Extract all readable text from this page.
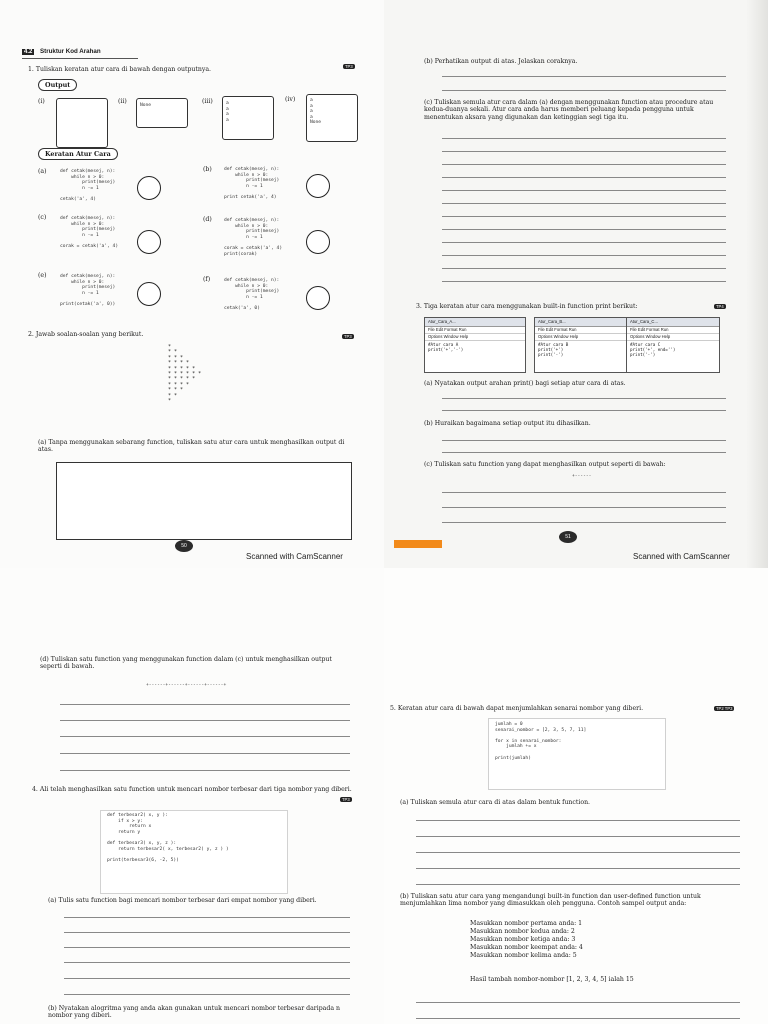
4.2	Struktur Kod Arahan
1. Tuliskan keratan atur cara di bawah dengan outputnya.	TP3
Output
(i)	(ii)
None
(iii)	a
a
a
a
(iv)	a
a
a
a
None
Keratan Atur Cara
(a)	def cetak(mesej, n):
while n > 0:
print(mesej)
n -= 1

cetak('a', 4)
(b)	def cetak(mesej, n):
while n > 0:
print(mesej)
n -= 1

print cetak('a', 4)
(c)	def cetak(mesej, n):
while n > 0:
print(mesej)
n -= 1

corak = cetak('a', 4)
(d)	def cetak(mesej, n):
while n > 0:
print(mesej)
n -= 1

corak = cetak('a', 4)
print(corak)
(e)	def cetak(mesej, n):
while n > 0:
print(mesej)
n -= 1

print(cetak('a', 0))
(f)	def cetak(mesej, n):
while n > 0:
print(mesej)
n -= 1

cetak('a', 0)
2. Jawab soalan-soalan yang berikut.	TP3
*
* *
* * *
* * * *
* * * * *
* * * * * *
* * * * *
* * * *
* * *
* *
*
(a) Tanpa menggunakan sebarang function, tuliskan satu atur cara untuk menghasilkan output di atas.
50
Scanned with CamScanner
(b) Perhatikan output di atas. Jelaskan coraknya.
(c) Tuliskan semula atur cara dalam (a) dengan menggunakan function atau procedure atau kedua-duanya sekali. Atur cara anda harus memberi peluang kepada pengguna untuk menentukan aksara yang digunakan dan ketinggian segi tiga itu.
3. Tiga keratan atur cara menggunakan built-in function print berikut:	TP4
Atur_Cara_A...
File Edit Format Run
Options Window Help
#Atur cara A
print('+','-')
Atur_Cara_B...
File Edit Format Run
Options Window Help
#Atur cara B
print('+')
print('-')
Atur_Cara_C...
File Edit Format Run
Options Window Help
#Atur cara C
print('+', end='')
print('-')
(a) Nyatakan output arahan print() bagi setiap atur cara di atas.
(b) Huraikan bagaimana setiap output itu dihasilkan.
(c) Tuliskan satu function yang dapat menghasilkan output seperti di bawah:
+------
51
Scanned with CamScanner
(d) Tuliskan satu function yang menggunakan function dalam (c) untuk menghasilkan output seperti di bawah.
+------+------+------+------+
4. Ali telah menghasilkan satu function untuk mencari nombor terbesar dari tiga nombor yang diberi.
TP3
def terbesar2( x, y ):
if x > y:
return x
return y

def terbesar3( x, y, z ):
return terbesar2( x, terbesar2( y, z ) )

print(terbesar3(6, -2, 5))
(a) Tulis satu function bagi mencari nombor terbesar dari empat nombor yang diberi.
(b) Nyatakan alogritma yang anda akan gunakan untuk mencari nombor terbesar daripada n nombor yang diberi.
5. Keratan atur cara di bawah dapat menjumlahkan senarai nombor yang diberi.	TP2 TP3
jumlah = 0
senarai_nombor = [2, 3, 5, 7, 11]

for x in senarai_nombor:
jumlah += x

print(jumlah)
(a) Tuliskan semula atur cara di atas dalam bentuk function.
(b) Tuliskan satu atur cara yang mengandungi built-in function dan user-defined function untuk menjumlahkan lima nombor yang dimasukkan oleh pengguna. Contoh sampel output anda:
Masukkan nombor pertama anda: 1
Masukkan nombor kedua anda: 2
Masukkan nombor ketiga anda: 3
Masukkan nombor keempat anda: 4
Masukkan nombor kelima anda: 5
Hasil tambah nombor-nombor [1, 2, 3, 4, 5] ialah 15
